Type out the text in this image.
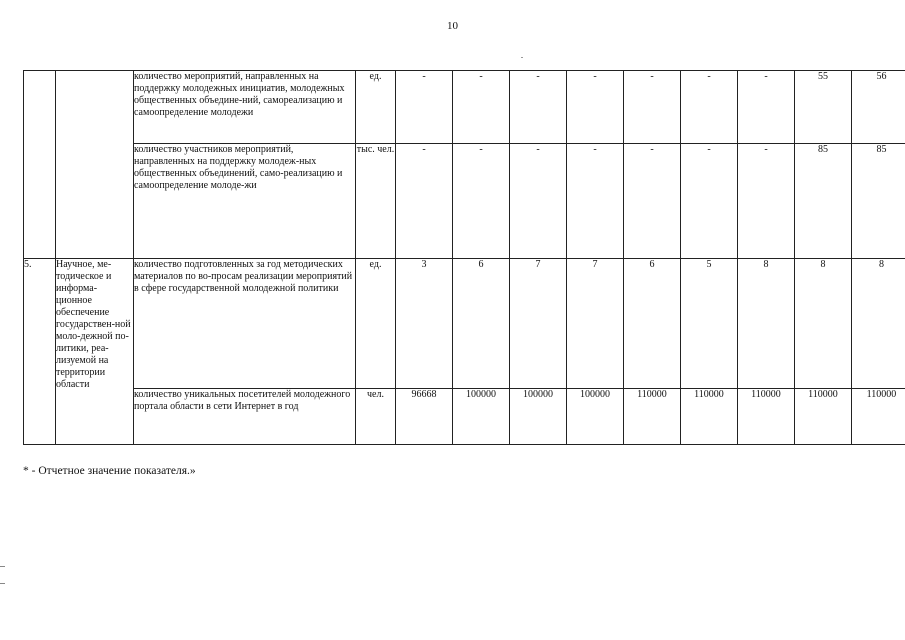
10
		количество мероприятий, направленных на поддержку молодежных инициатив, молодежных общественных объедине-ний, самореализацию и самоопределение молодежи	ед.	-	-	-	-	-	-	-	55	56
		количество участников мероприятий, направленных на поддержку молодеж-ных общественных объединений, само-реализацию и самоопределение молоде-жи	тыс. чел.	-	-	-	-	-	-	-	85	85
5.	Научное, ме-тодическое и информа-ционное обеспечение государствен-ной моло-дежной по-литики, реа-лизуемой на территории области	количество подготовленных за год методических материалов по во-просам реализации мероприятий в сфере государственной молодежной политики	ед.	3	6	7	7	6	5	8	8	8
		количество уникальных посетителей молодежного портала области в сети Интернет в год	чел.	96668	100000	100000	100000	110000	110000	110000	110000	110000
* - Отчетное значение показателя.»
